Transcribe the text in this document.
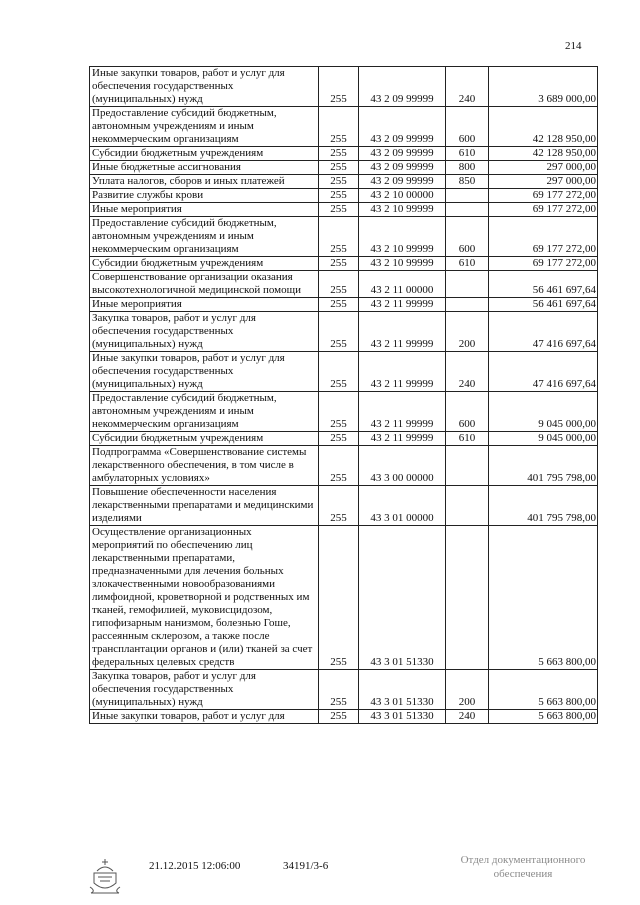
214
Иные закупки товаров, работ и услуг для обеспечения государственных (муниципальных) нужд	255	43 2 09 99999	240	3 689 000,00
Предоставление субсидий бюджетным, автономным учреждениям и иным некоммерческим организациям	255	43 2 09 99999	600	42 128 950,00
Субсидии бюджетным учреждениям	255	43 2 09 99999	610	42 128 950,00
Иные бюджетные ассигнования	255	43 2 09 99999	800	297 000,00
Уплата налогов, сборов и иных платежей	255	43 2 09 99999	850	297 000,00
Развитие службы крови	255	43 2 10 00000		69 177 272,00
Иные мероприятия	255	43 2 10 99999		69 177 272,00
Предоставление субсидий бюджетным, автономным учреждениям и иным некоммерческим организациям	255	43 2 10 99999	600	69 177 272,00
Субсидии бюджетным учреждениям	255	43 2 10 99999	610	69 177 272,00
Совершенствование организации оказания высокотехнологичной медицинской помощи	255	43 2 11 00000		56 461 697,64
Иные мероприятия	255	43 2 11 99999		56 461 697,64
Закупка товаров, работ и услуг для обеспечения государственных (муниципальных) нужд	255	43 2 11 99999	200	47 416 697,64
Иные закупки товаров, работ и услуг для обеспечения государственных (муниципальных) нужд	255	43 2 11 99999	240	47 416 697,64
Предоставление субсидий бюджетным, автономным учреждениям и иным некоммерческим организациям	255	43 2 11 99999	600	9 045 000,00
Субсидии бюджетным учреждениям	255	43 2 11 99999	610	9 045 000,00
Подпрограмма «Совершенствование системы лекарственного обеспечения, в том числе в амбулаторных условиях»	255	43 3 00 00000		401 795 798,00
Повышение обеспеченности населения лекарственными препаратами и медицинскими изделиями	255	43 3 01 00000		401 795 798,00
Осуществление организационных мероприятий по обеспечению лиц лекарственными препаратами, предназначенными для лечения больных злокачественными новообразованиями лимфоидной, кроветворной и родственных им тканей, гемофилией, муковисцидозом, гипофизарным нанизмом, болезнью Гоше, рассеянным склерозом, а также после трансплантации органов и (или) тканей за счет федеральных целевых средств	255	43 3 01 51330		5 663 800,00
Закупка товаров, работ и услуг для обеспечения государственных (муниципальных) нужд	255	43 3 01 51330	200	5 663 800,00
Иные закупки товаров, работ и услуг для	255	43 3 01 51330	240	5 663 800,00
21.12.2015 12:06:00	34191/3-6	Отдел документационного обеспечения
